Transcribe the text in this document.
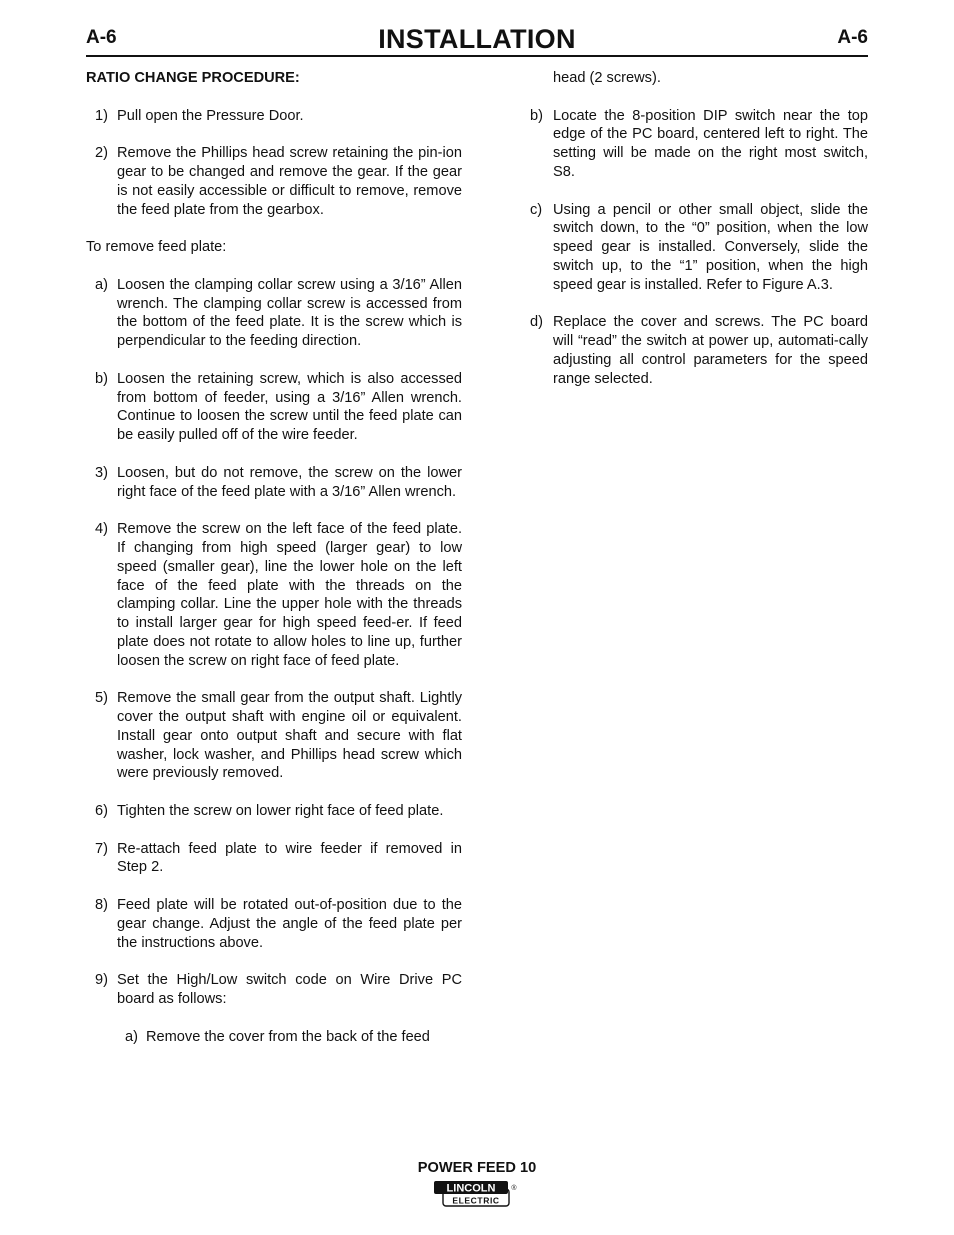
A-6	INSTALLATION	A-6
RATIO CHANGE PROCEDURE:
1) Pull open the Pressure Door.
2) Remove the Phillips head screw retaining the pin-ion gear to be changed and remove the gear. If the gear is not easily accessible or difficult to remove, remove the feed plate from the gearbox.
To remove feed plate:
a) Loosen the clamping collar screw using a 3/16” Allen wrench. The clamping collar screw is accessed from the bottom of the feed plate. It is the screw which is perpendicular to the feeding direction.
b) Loosen the retaining screw, which is also accessed from bottom of feeder, using a 3/16” Allen wrench. Continue to loosen the screw until the feed plate can be easily pulled off of the wire feeder.
3) Loosen, but do not remove, the screw on the lower right face of the feed plate with a 3/16” Allen wrench.
4) Remove the screw on the left face of the feed plate. If changing from high speed (larger gear) to low speed (smaller gear), line the lower hole on the left face of the feed plate with the threads on the clamping collar. Line the upper hole with the threads to install larger gear for high speed feed-er. If feed plate does not rotate to allow holes to line up, further loosen the screw on right face of feed plate.
5) Remove the small gear from the output shaft. Lightly cover the output shaft with engine oil or equivalent. Install gear onto output shaft and secure with flat washer, lock washer, and Phillips head screw which were previously removed.
6) Tighten the screw on lower right face of feed plate.
7) Re-attach feed plate to wire feeder if removed in Step 2.
8) Feed plate will be rotated out-of-position due to the gear change. Adjust the angle of the feed plate per the instructions above.
9) Set the High/Low switch code on Wire Drive PC board as follows:
a) Remove the cover from the back of the feed
head (2 screws).
b) Locate the 8-position DIP switch near the top edge of the PC board, centered left to right. The setting will be made on the right most switch, S8.
c) Using a pencil or other small object, slide the switch down, to the “0” position, when the low speed gear is installed. Conversely, slide the switch up, to the “1” position, when the high speed gear is installed. Refer to Figure A.3.
d) Replace the cover and screws. The PC board will “read” the switch at power up, automati-cally adjusting all control parameters for the speed range selected.
POWER FEED 10
LINCOLN
ELECTRIC
®
